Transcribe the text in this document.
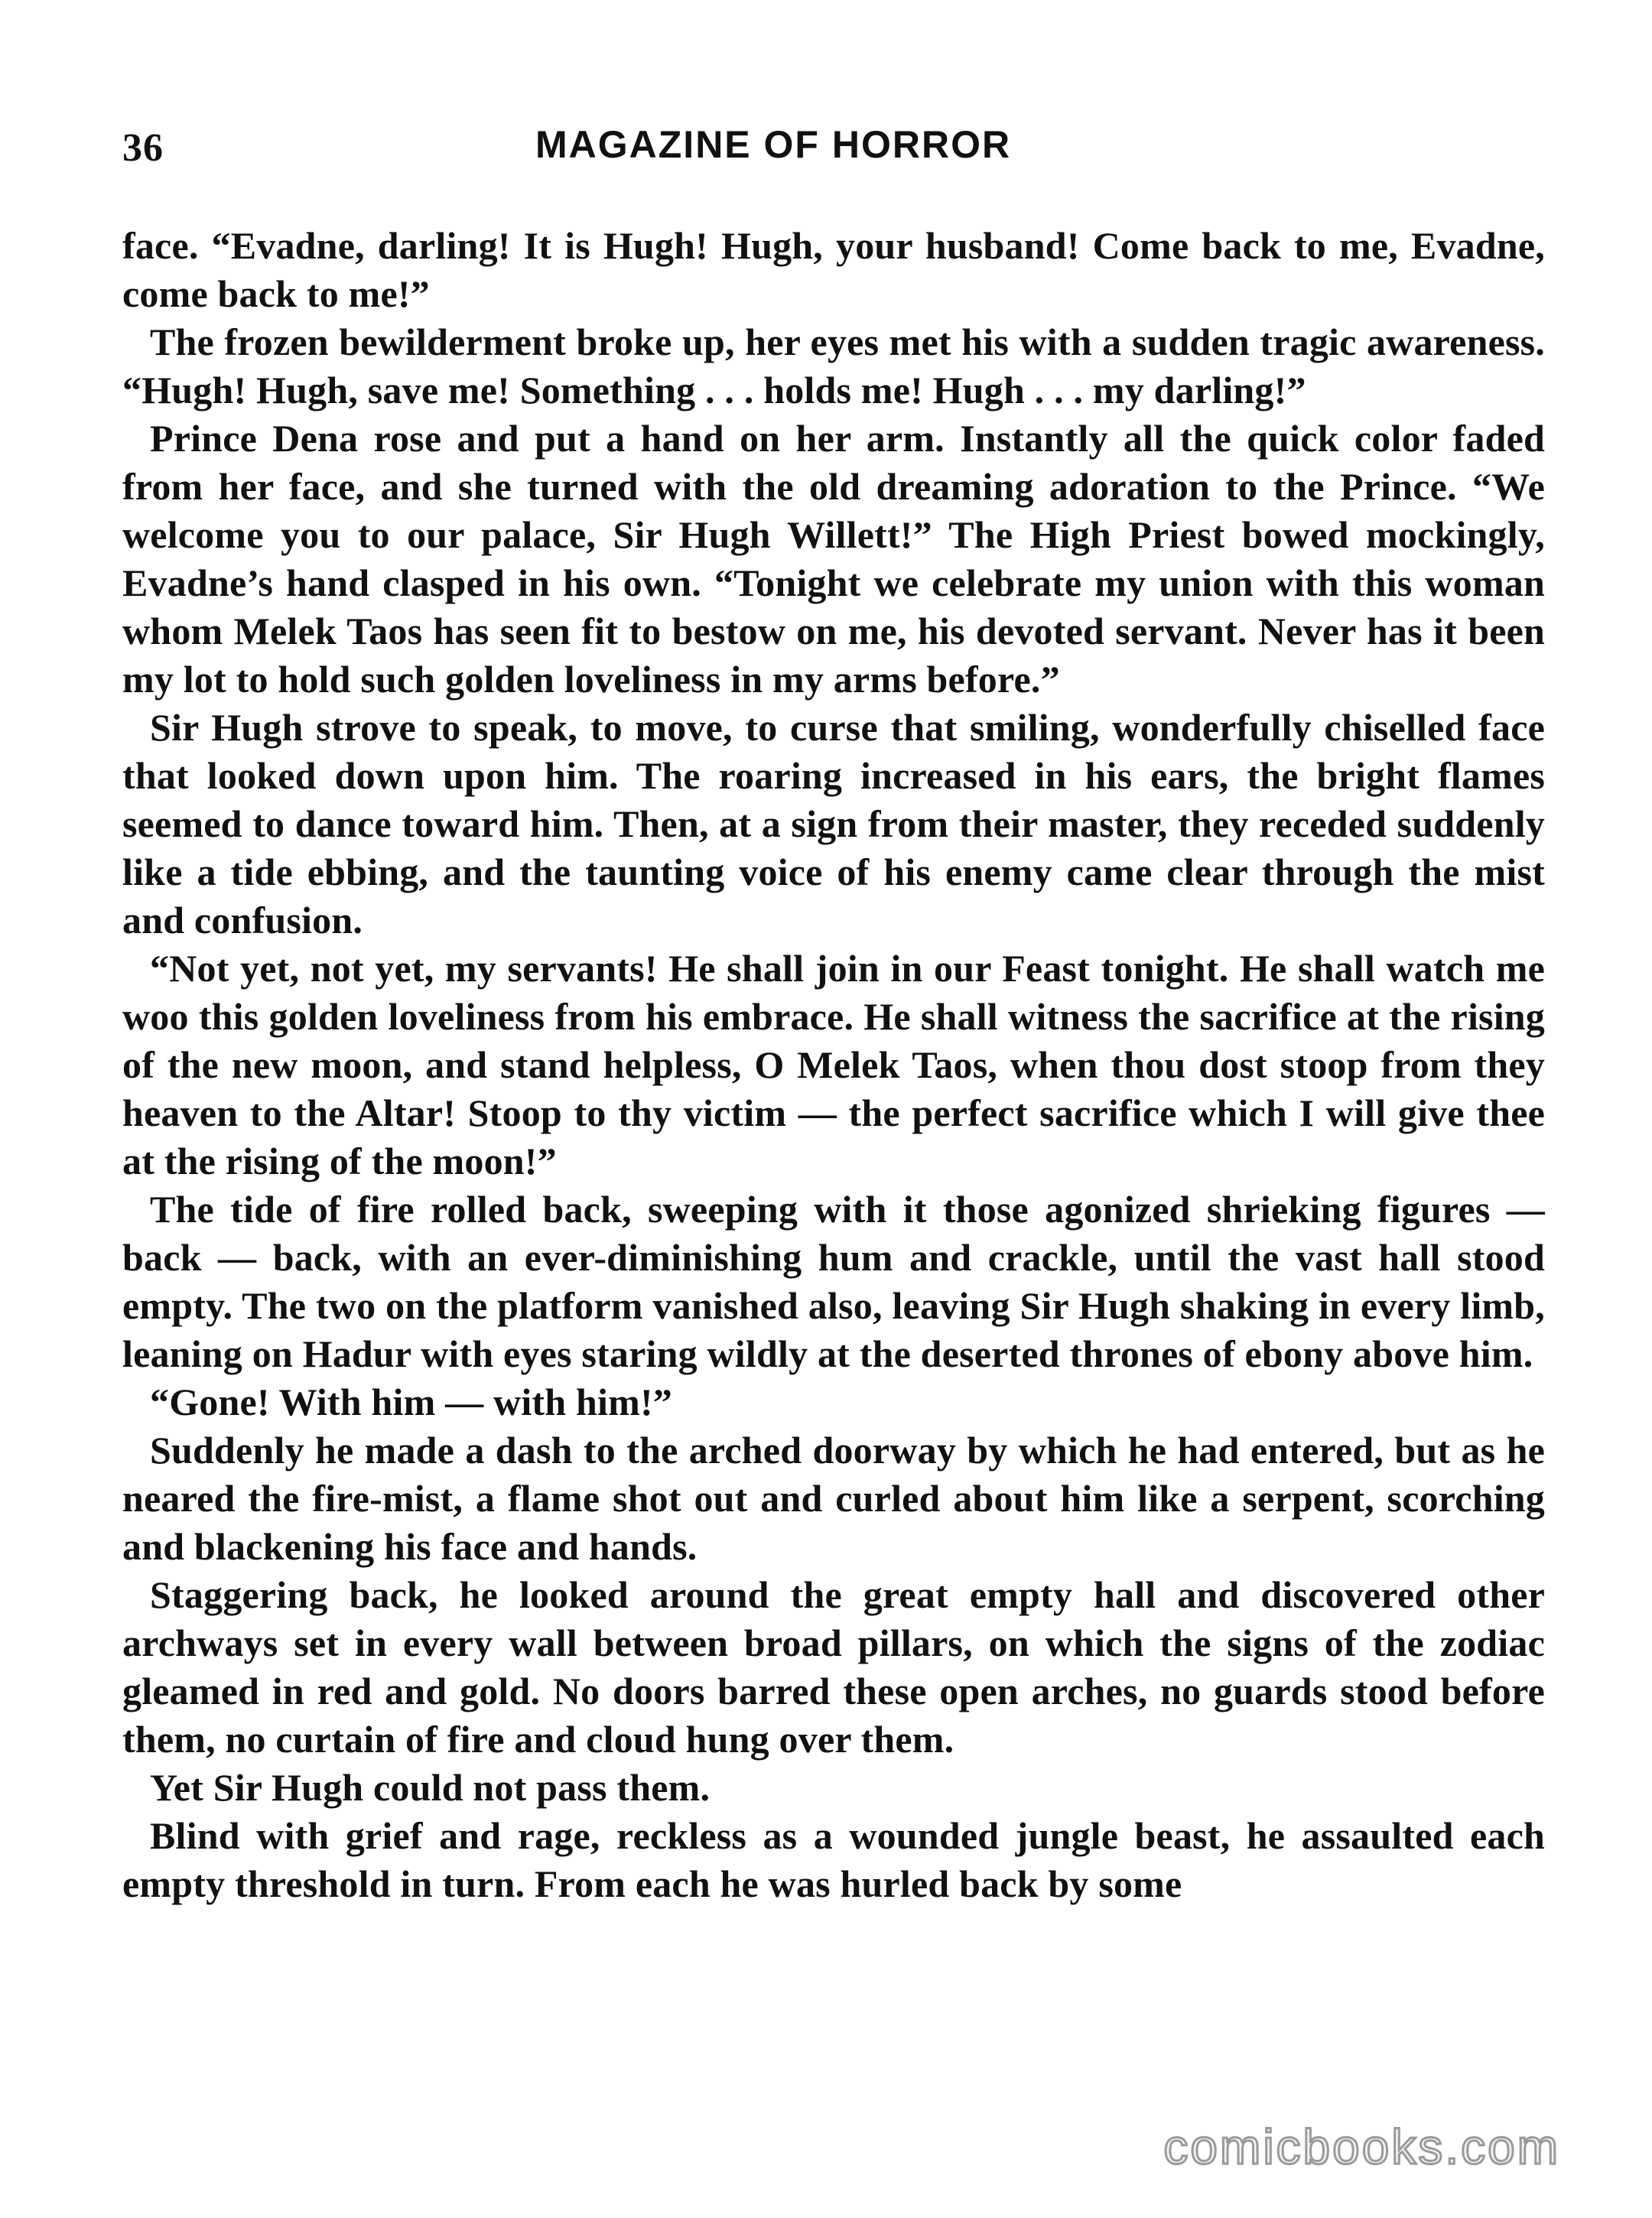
36	MAGAZINE OF HORROR

face. “Evadne, darling! It is Hugh! Hugh, your husband! Come back to me, Evadne, come back to me!”

The frozen bewilderment broke up, her eyes met his with a sudden tragic awareness. “Hugh! Hugh, save me! Something . . . holds me! Hugh . . . my darling!”

Prince Dena rose and put a hand on her arm. Instantly all the quick color faded from her face, and she turned with the old dreaming adoration to the Prince. “We welcome you to our palace, Sir Hugh Willett!” The High Priest bowed mockingly, Evadne’s hand clasped in his own. “Tonight we celebrate my union with this woman whom Melek Taos has seen fit to bestow on me, his devoted servant. Never has it been my lot to hold such golden loveliness in my arms before.”

Sir Hugh strove to speak, to move, to curse that smiling, wonderfully chiselled face that looked down upon him. The roaring increased in his ears, the bright flames seemed to dance toward him. Then, at a sign from their master, they receded suddenly like a tide ebbing, and the taunting voice of his enemy came clear through the mist and confusion.

“Not yet, not yet, my servants! He shall join in our Feast tonight. He shall watch me woo this golden loveliness from his embrace. He shall witness the sacrifice at the rising of the new moon, and stand helpless, O Melek Taos, when thou dost stoop from they heaven to the Altar! Stoop to thy victim — the perfect sacrifice which I will give thee at the rising of the moon!”

The tide of fire rolled back, sweeping with it those agonized shrieking figures — back — back, with an ever-diminishing hum and crackle, until the vast hall stood empty. The two on the platform vanished also, leaving Sir Hugh shaking in every limb, leaning on Hadur with eyes staring wildly at the deserted thrones of ebony above him.

“Gone! With him — with him!”

Suddenly he made a dash to the arched doorway by which he had entered, but as he neared the fire-mist, a flame shot out and curled about him like a serpent, scorching and blackening his face and hands.

Staggering back, he looked around the great empty hall and discovered other archways set in every wall between broad pillars, on which the signs of the zodiac gleamed in red and gold. No doors barred these open arches, no guards stood before them, no curtain of fire and cloud hung over them.

Yet Sir Hugh could not pass them.

Blind with grief and rage, reckless as a wounded jungle beast, he assaulted each empty threshold in turn. From each he was hurled back by some

comicbooks.com
